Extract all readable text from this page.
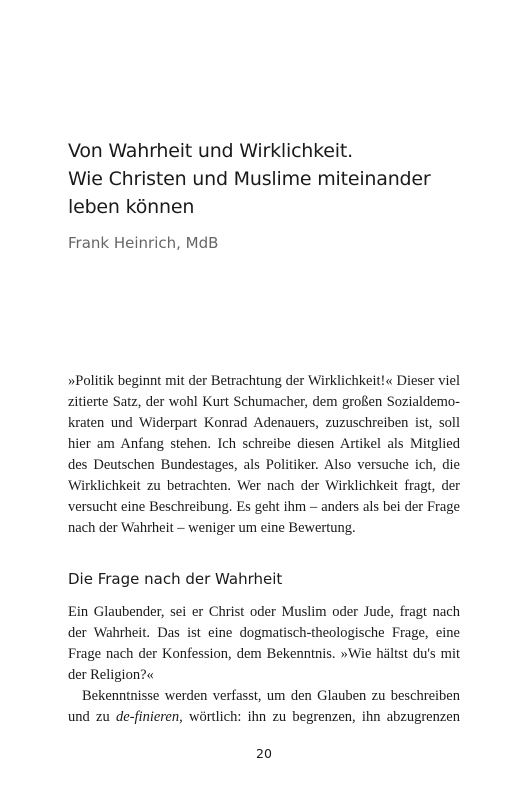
Von Wahrheit und Wirklichkeit.
Wie Christen und Muslime miteinander
leben können

Frank Heinrich, MdB

»Politik beginnt mit der Betrachtung der Wirklichkeit!« Dieser viel
zitierte Satz, der wohl Kurt Schumacher, dem großen Sozialdemo-
kraten und Widerpart Konrad Adenauers, zuzuschreiben ist, soll
hier am Anfang stehen. Ich schreibe diesen Artikel als Mitglied
des Deutschen Bundestages, als Politiker. Also versuche ich, die
Wirklichkeit zu betrachten. Wer nach der Wirklichkeit fragt, der
versucht eine Beschreibung. Es geht ihm – anders als bei der Frage
nach der Wahrheit – weniger um eine Bewertung.
Die Frage nach der Wahrheit
Ein Glaubender, sei er Christ oder Muslim oder Jude, fragt nach
der Wahrheit. Das ist eine dogmatisch-theologische Frage, eine
Frage nach der Konfession, dem Bekenntnis. »Wie hältst du's mit
der Religion?«
Bekenntnisse werden verfasst, um den Glauben zu beschreiben
und zu de-finieren, wörtlich: ihn zu begrenzen, ihn abzugrenzen
20
